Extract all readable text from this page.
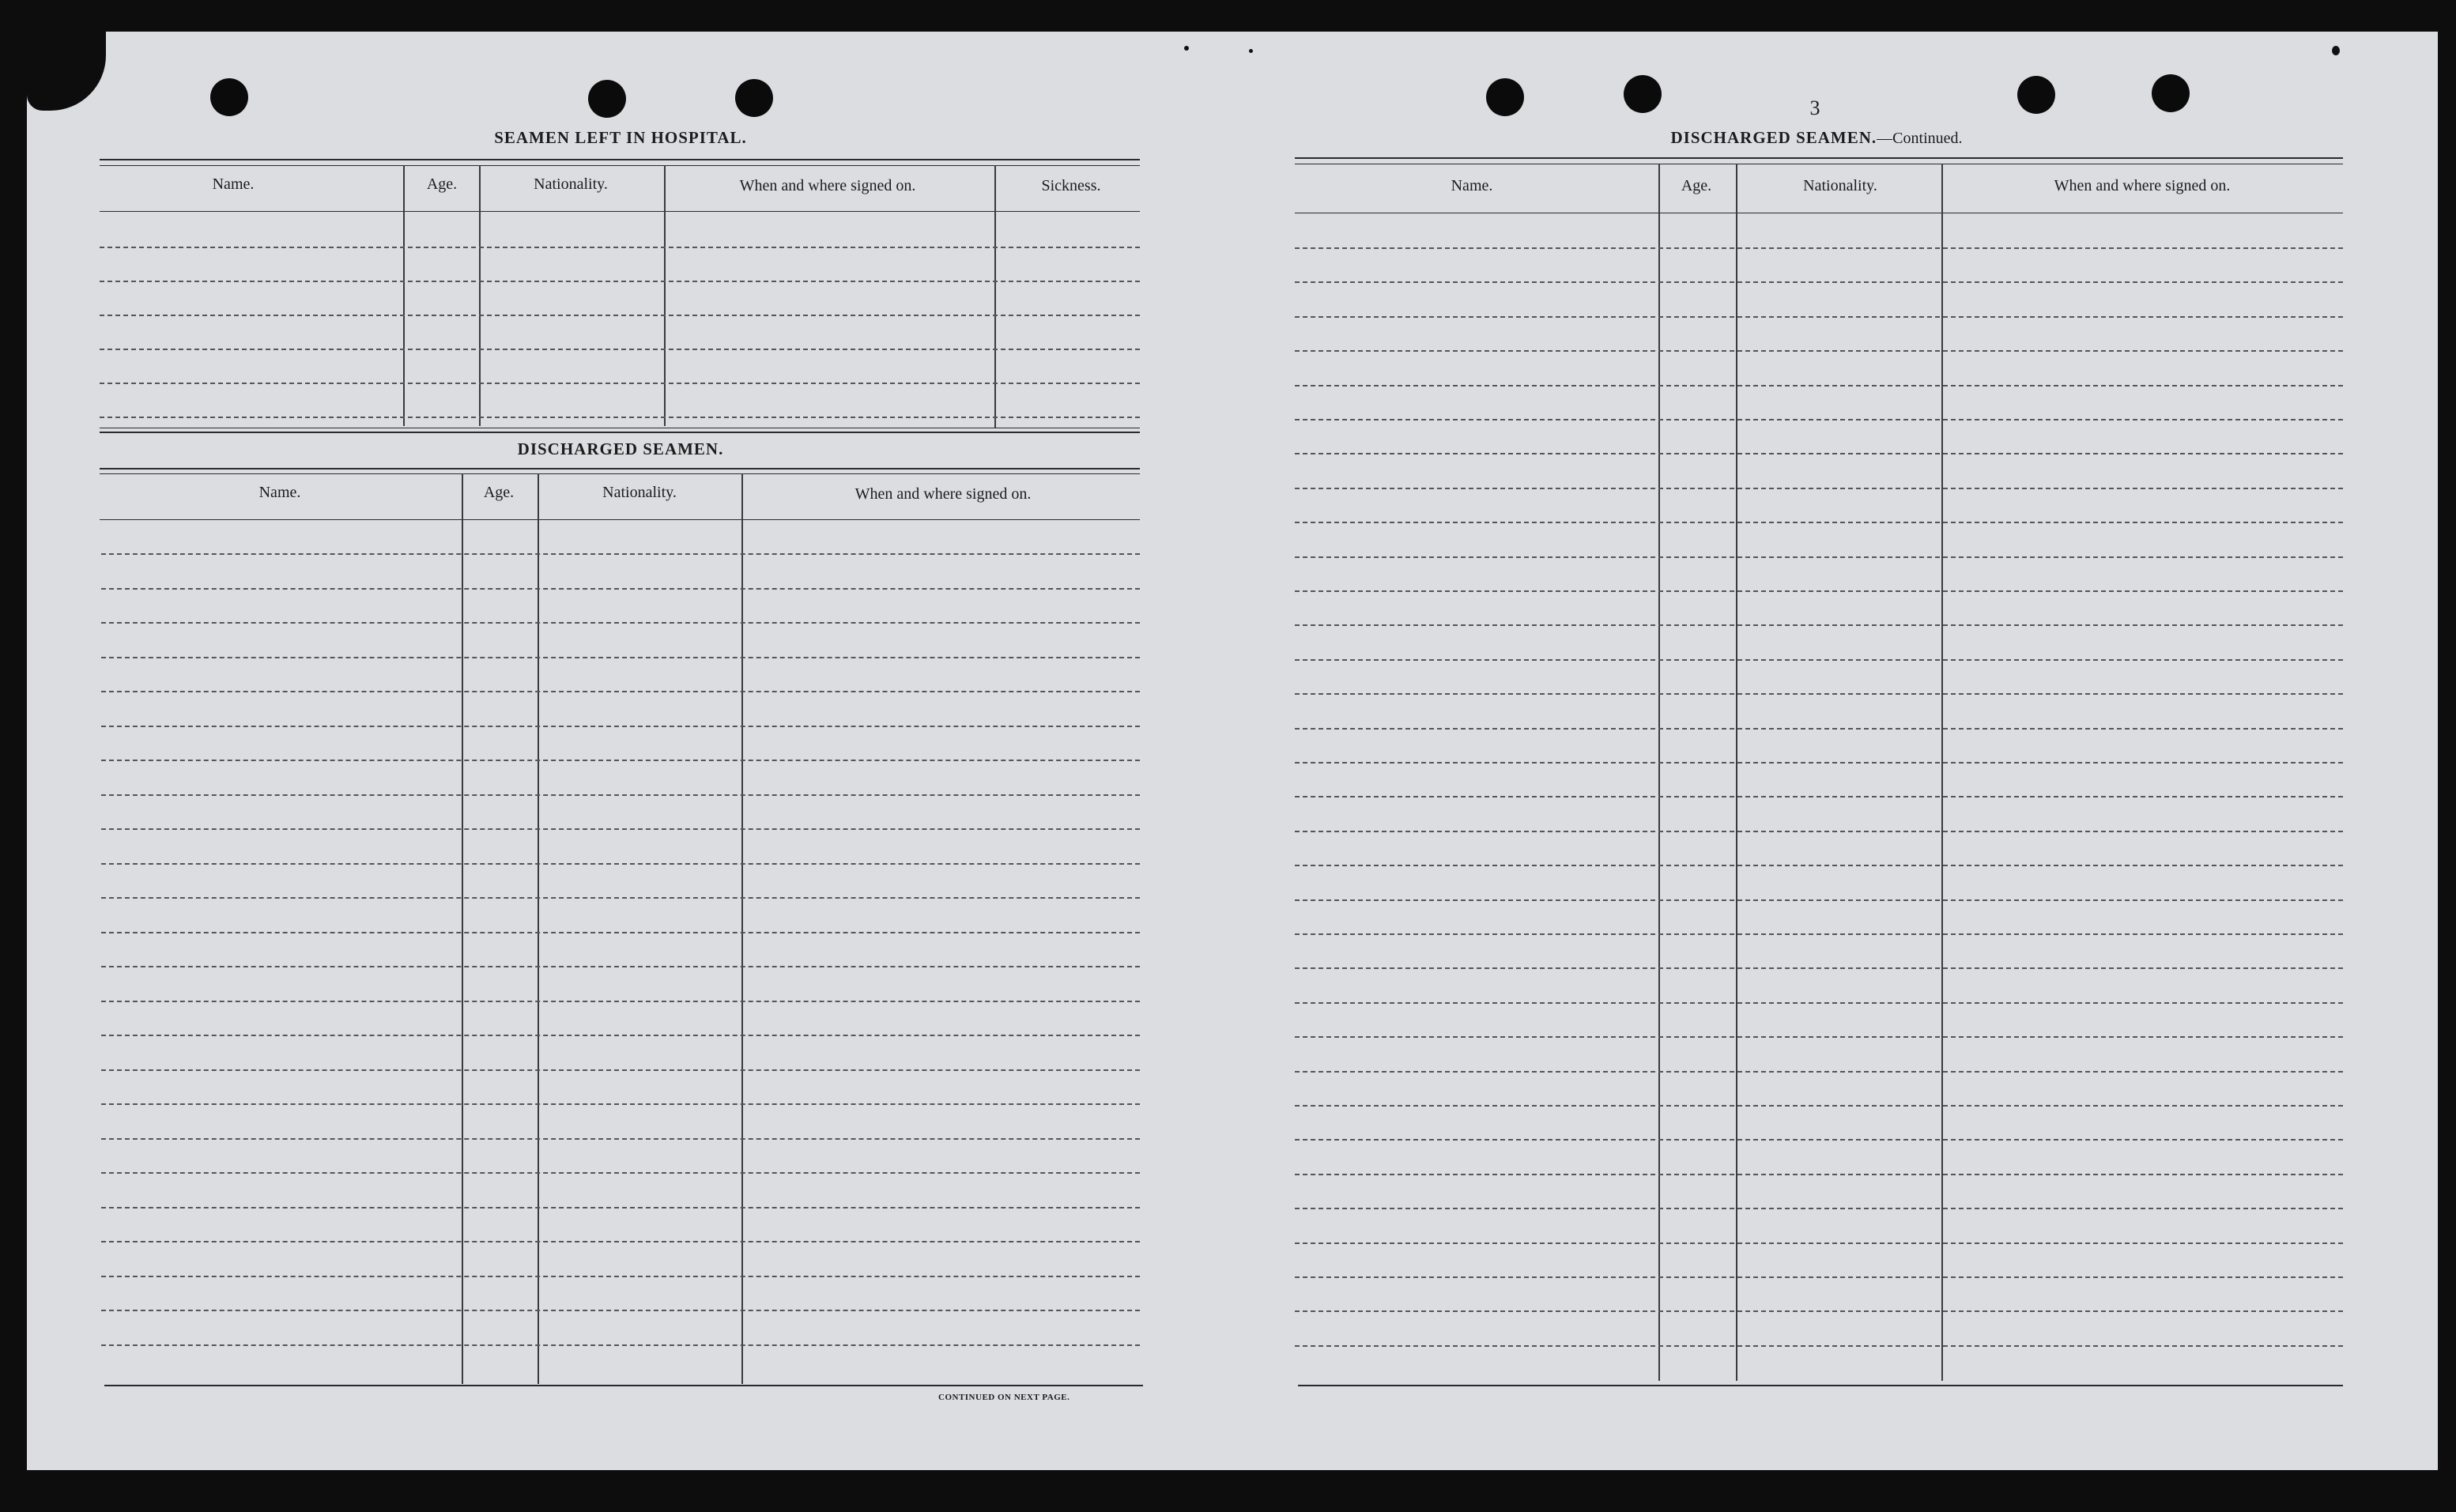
SEAMEN LEFT IN HOSPITAL.
Name.	Age.	Nationality.	When and where signed on.	Sickness.
DISCHARGED SEAMEN.
Name.	Age.	Nationality.	When and where signed on.
CONTINUED ON NEXT PAGE.
3
DISCHARGED SEAMEN.—Continued.
Name.	Age.	Nationality.	When and where signed on.
